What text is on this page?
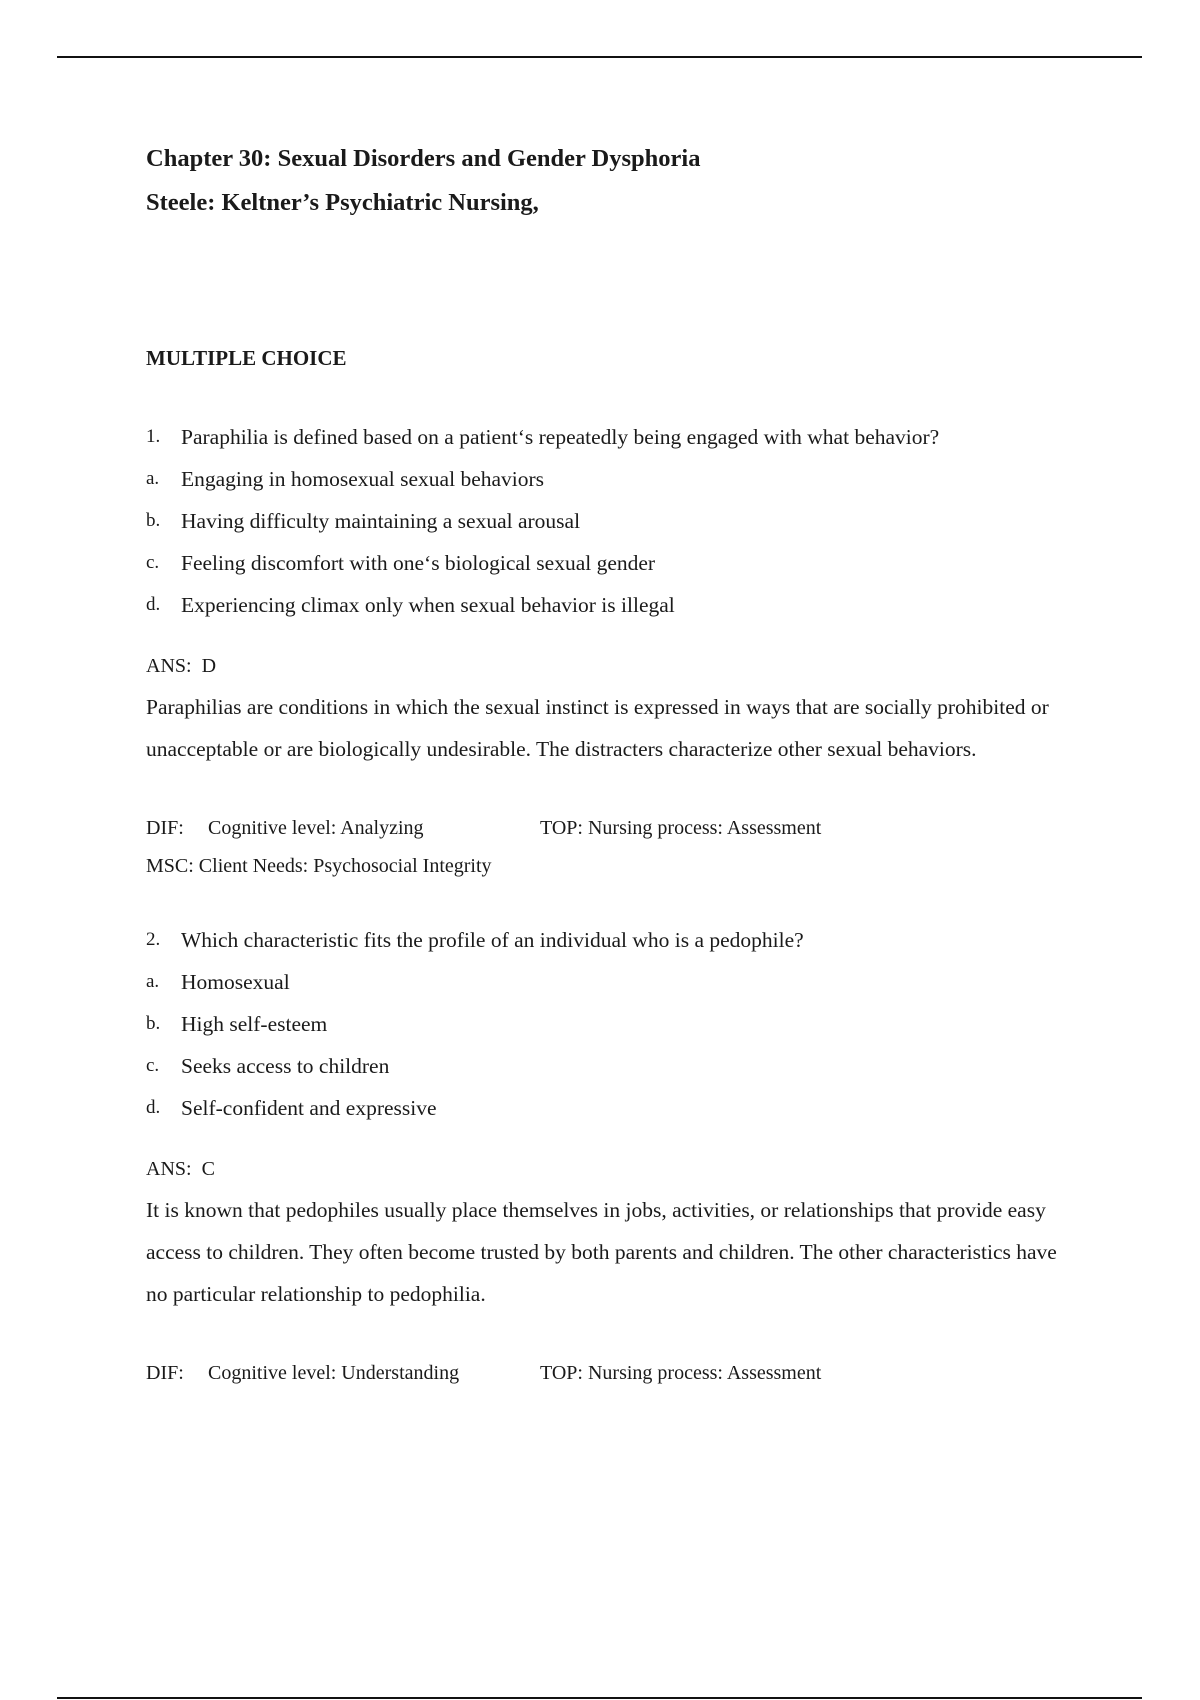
Chapter 30: Sexual Disorders and Gender Dysphoria
Steele: Keltner’s Psychiatric Nursing,
MULTIPLE CHOICE
1. Paraphilia is defined based on a patient‘s repeatedly being engaged with what behavior?
a.	Engaging in homosexual sexual behaviors
b. Having difficulty maintaining a sexual arousal
c.	Feeling discomfort with one‘s biological sexual gender
d. Experiencing climax only when sexual behavior is illegal
ANS: D
Paraphilias are conditions in which the sexual instinct is expressed in ways that are socially prohibited or unacceptable or are biologically undesirable. The distracters characterize other sexual behaviors.
DIF: Cognitive level: Analyzing	TOP: Nursing process: Assessment
MSC: Client Needs: Psychosocial Integrity
2. Which characteristic fits the profile of an individual who is a pedophile?
a.	Homosexual
b. High self-esteem
c.	Seeks access to children
d. Self-confident and expressive
ANS: C
It is known that pedophiles usually place themselves in jobs, activities, or relationships that provide easy access to children. They often become trusted by both parents and children. The other characteristics have no particular relationship to pedophilia.
DIF: Cognitive level: Understanding	TOP: Nursing process: Assessment
